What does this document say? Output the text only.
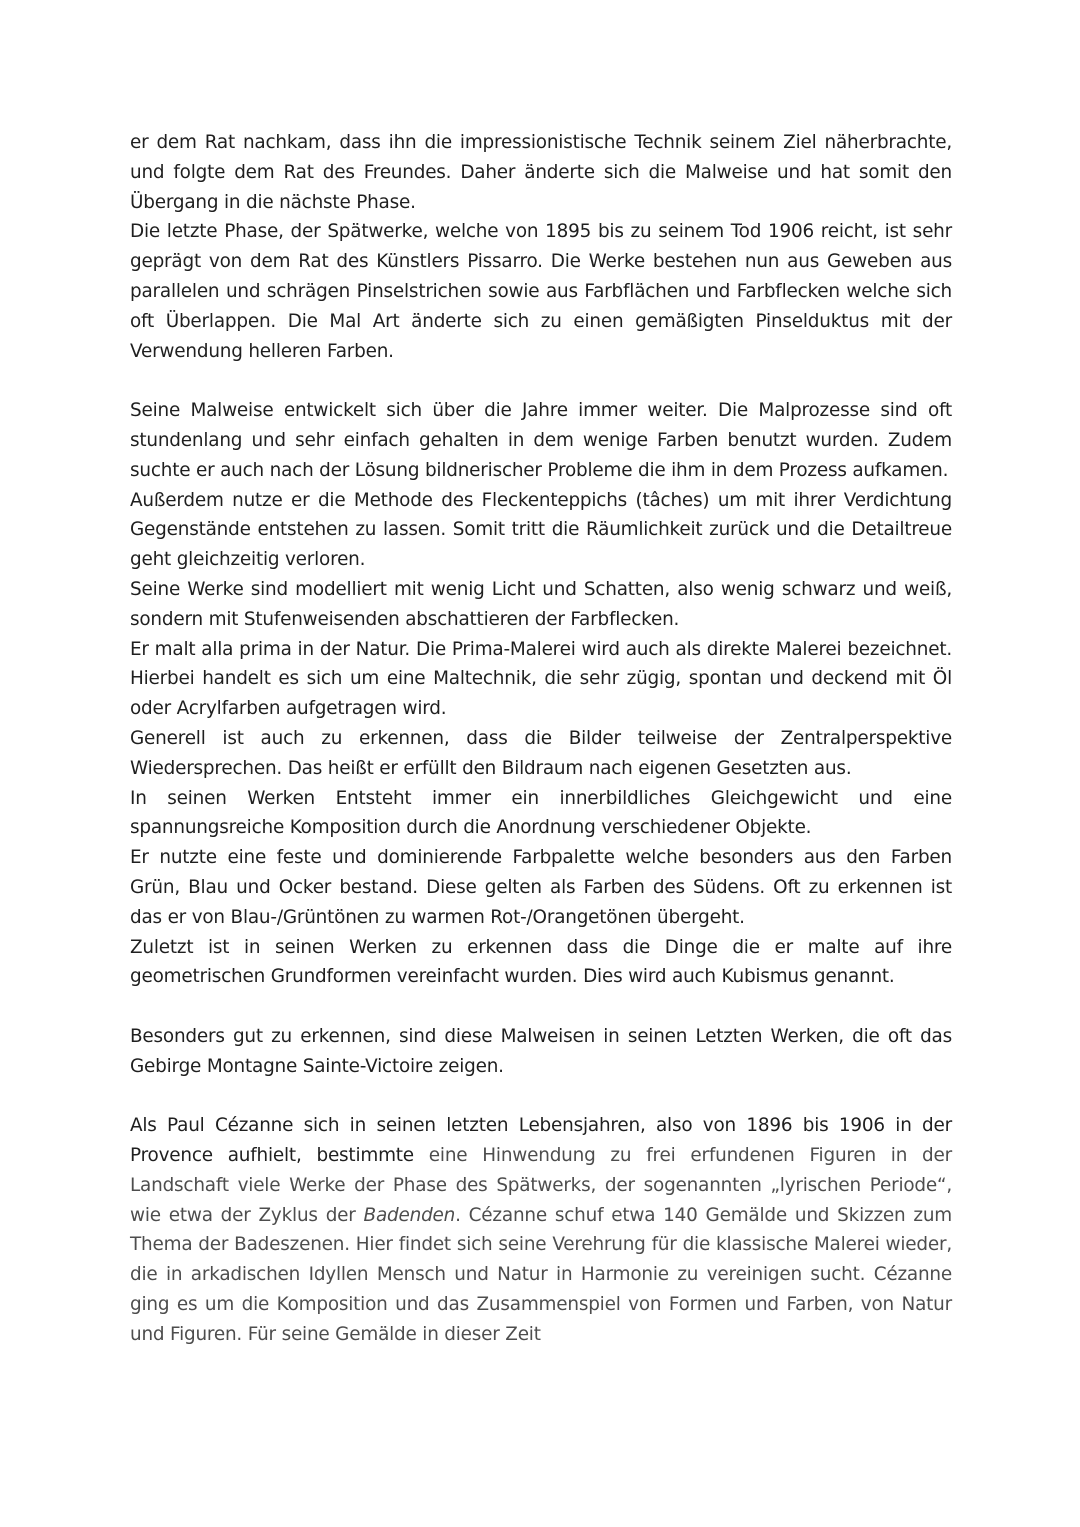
er dem Rat nachkam, dass ihn die impressionistische Technik seinem Ziel näherbrachte, und folgte dem Rat des Freundes. Daher änderte sich die Malweise und hat somit den Übergang in die nächste Phase.

Die letzte Phase, der Spätwerke, welche von 1895 bis zu seinem Tod 1906 reicht, ist sehr geprägt von dem Rat des Künstlers Pissarro. Die Werke bestehen nun aus Geweben aus parallelen und schrägen Pinselstrichen sowie aus Farbflächen und Farbflecken welche sich oft Überlappen. Die Mal Art änderte sich zu einen gemäßigten Pinselduktus mit der Verwendung helleren Farben.

Seine Malweise entwickelt sich über die Jahre immer weiter. Die Malprozesse sind oft stundenlang und sehr einfach gehalten in dem wenige Farben benutzt wurden. Zudem suchte er auch nach der Lösung bildnerischer Probleme die ihm in dem Prozess aufkamen.

Außerdem nutze er die Methode des Fleckenteppichs (tâches) um mit ihrer Verdichtung Gegenstände entstehen zu lassen. Somit tritt die Räumlichkeit zurück und die Detailtreue geht gleichzeitig verloren.

Seine Werke sind modelliert mit wenig Licht und Schatten, also wenig schwarz und weiß, sondern mit Stufenweisenden abschattieren der Farbflecken.

Er malt alla prima in der Natur. Die Prima-Malerei wird auch als direkte Malerei bezeichnet. Hierbei handelt es sich um eine Maltechnik, die sehr zügig, spontan und deckend mit Öl oder Acrylfarben aufgetragen wird.

Generell ist auch zu erkennen, dass die Bilder teilweise der Zentralperspektive Wiedersprechen. Das heißt er erfüllt den Bildraum nach eigenen Gesetzten aus.

In seinen Werken Entsteht immer ein innerbildliches Gleichgewicht und eine spannungsreiche Komposition durch die Anordnung verschiedener Objekte.

Er nutzte eine feste und dominierende Farbpalette welche besonders aus den Farben Grün, Blau und Ocker bestand. Diese gelten als Farben des Südens. Oft zu erkennen ist das er von Blau-/Grüntönen zu warmen Rot-/Orangetönen übergeht.

Zuletzt ist in seinen Werken zu erkennen dass die Dinge die er malte auf ihre geometrischen Grundformen vereinfacht wurden. Dies wird auch Kubismus genannt.

Besonders gut zu erkennen, sind diese Malweisen in seinen Letzten Werken, die oft das Gebirge Montagne Sainte-Victoire zeigen.

Als Paul Cézanne sich in seinen letzten Lebensjahren, also von 1896 bis 1906 in der Provence aufhielt, bestimmte eine Hinwendung zu frei erfundenen Figuren in der Landschaft viele Werke der Phase des Spätwerks, der sogenannten „lyrischen Periode“, wie etwa der Zyklus der Badenden. Cézanne schuf etwa 140 Gemälde und Skizzen zum Thema der Badeszenen. Hier findet sich seine Verehrung für die klassische Malerei wieder, die in arkadischen Idyllen Mensch und Natur in Harmonie zu vereinigen sucht. Cézanne ging es um die Komposition und das Zusammenspiel von Formen und Farben, von Natur und Figuren. Für seine Gemälde in dieser Zeit
